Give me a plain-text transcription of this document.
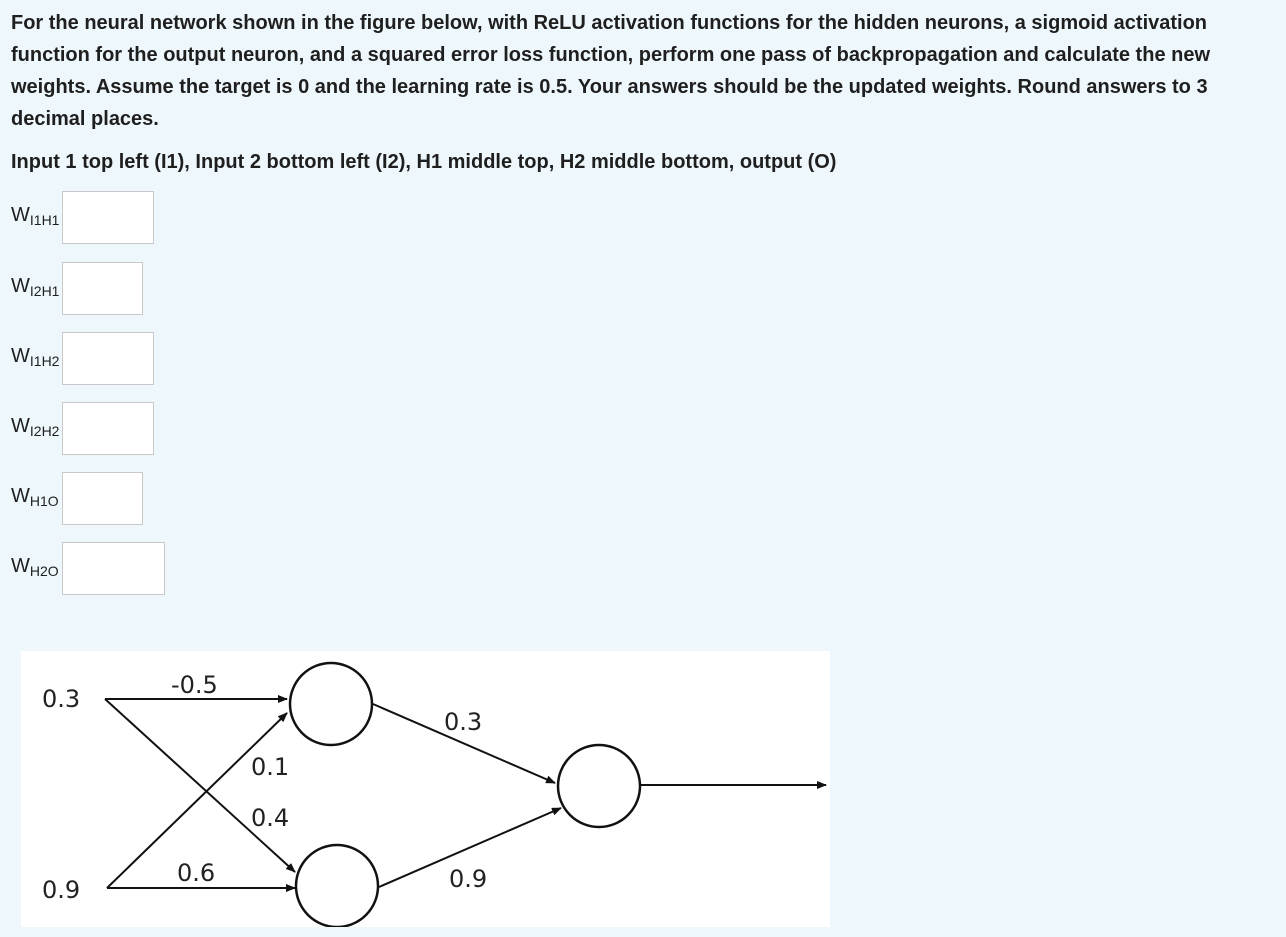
For the neural network shown in the figure below, with ReLU activation functions for the hidden neurons, a sigmoid activation function for the output neuron, and a squared error loss function, perform one pass of backpropagation and calculate the new weights. Assume the target is 0 and the learning rate is 0.5. Your answers should be the updated weights. Round answers to 3 decimal places.

Input 1 top left (I1), Input 2 bottom left (I2), H1 middle top, H2 middle bottom, output (O)

$W_{I1H1}$
$W_{I2H1}$
$W_{I1H2}$
$W_{I2H2}$
$W_{H1O}$
$W_{H2O}$
0.3
0.9
-0.5
0.1
0.4
0.6
0.3
0.9
